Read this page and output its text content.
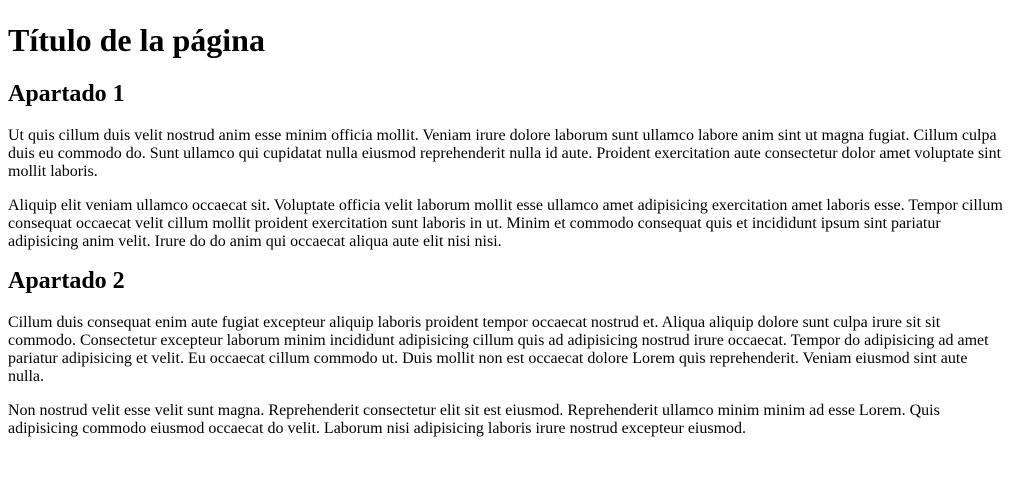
Título de la página
Apartado 1

Ut quis cillum duis velit nostrud anim esse minim officia mollit. Veniam irure dolore laborum sunt ullamco labore anim sint ut magna fugiat. Cillum culpa duis eu commodo do. Sunt ullamco qui cupidatat nulla eiusmod reprehenderit nulla id aute. Proident exercitation aute consectetur dolor amet voluptate sint mollit laboris.

Aliquip elit veniam ullamco occaecat sit. Voluptate officia velit laborum mollit esse ullamco amet adipisicing exercitation amet laboris esse. Tempor cillum consequat occaecat velit cillum mollit proident exercitation sunt laboris in ut. Minim et commodo consequat quis et incididunt ipsum sint pariatur adipisicing anim velit. Irure do do anim qui occaecat aliqua aute elit nisi nisi.

Apartado 2

Cillum duis consequat enim aute fugiat excepteur aliquip laboris proident tempor occaecat nostrud et. Aliqua aliquip dolore sunt culpa irure sit sit commodo. Consectetur excepteur laborum minim incididunt adipisicing cillum quis ad adipisicing nostrud irure occaecat. Tempor do adipisicing ad amet pariatur adipisicing et velit. Eu occaecat cillum commodo ut. Duis mollit non est occaecat dolore Lorem quis reprehenderit. Veniam eiusmod sint aute nulla.

Non nostrud velit esse velit sunt magna. Reprehenderit consectetur elit sit est eiusmod. Reprehenderit ullamco minim minim ad esse Lorem. Quis adipisicing commodo eiusmod occaecat do velit. Laborum nisi adipisicing laboris irure nostrud excepteur eiusmod.
